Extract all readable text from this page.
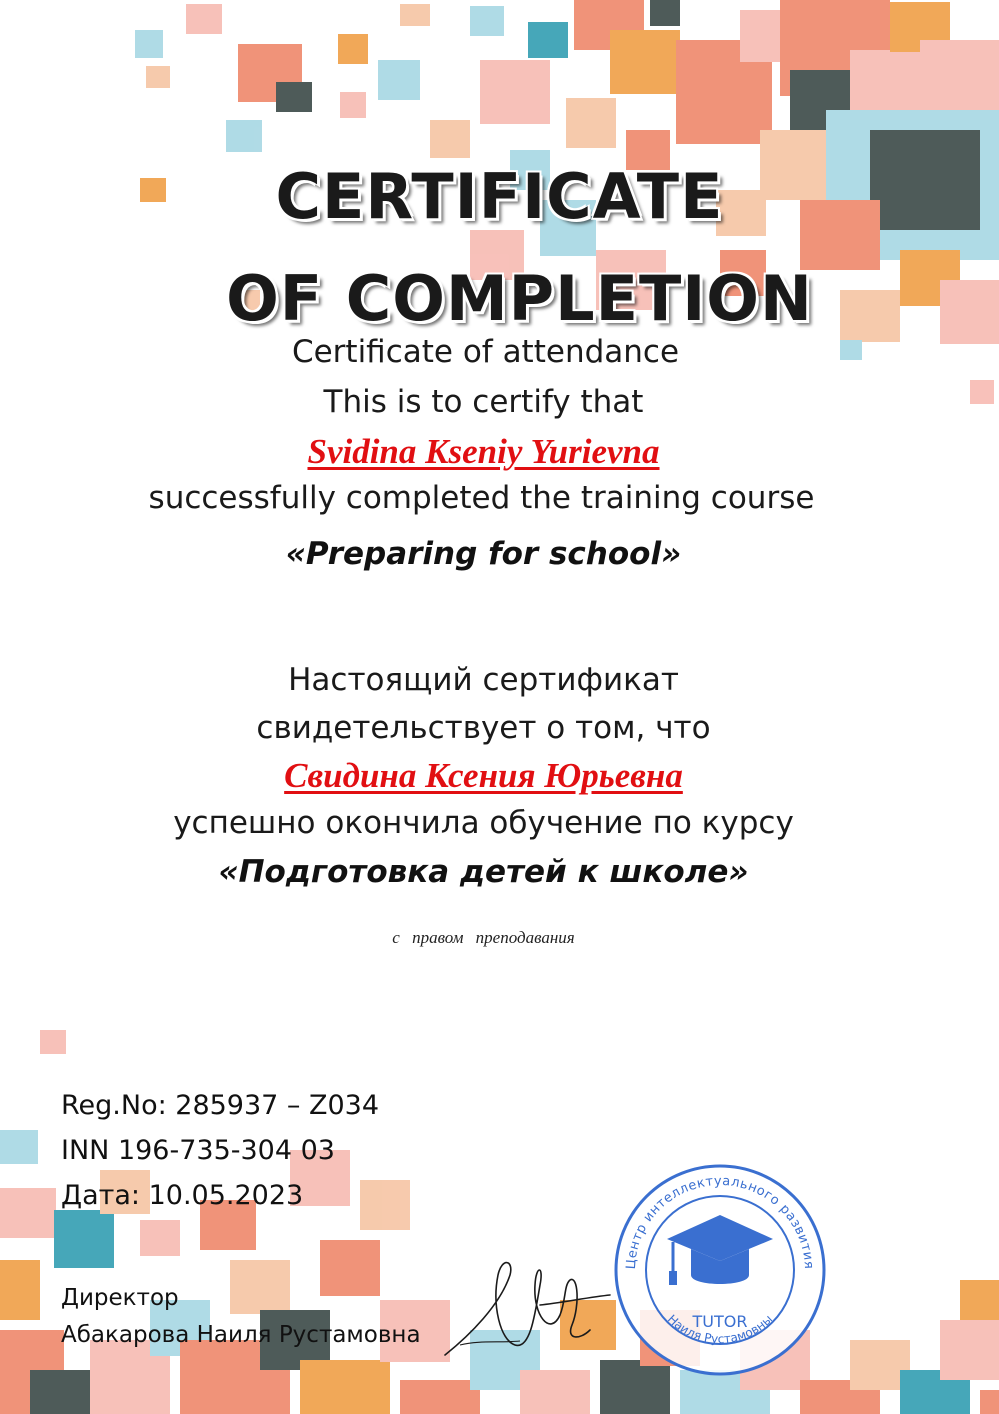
CERTIFICATE
OF COMPLETION
Certificate of attendance
This is to certify that
Svidina Kseniy Yurievna
successfully completed the training course
«Preparing for school»
Настоящий сертификат
свидетельствует о том, что
Свидина Ксения Юрьевна
успешно окончила обучение по курсу
«Подготовка детей к школе»
с правом преподавания
Reg.No: 285937 – Z034
INN 196-735-304 03
Дата: 10.05.2023
Директор
Абакарова Наиля Рустамовна
Центр интеллектуального развития
Наиля Рустамовны
TUTOR
